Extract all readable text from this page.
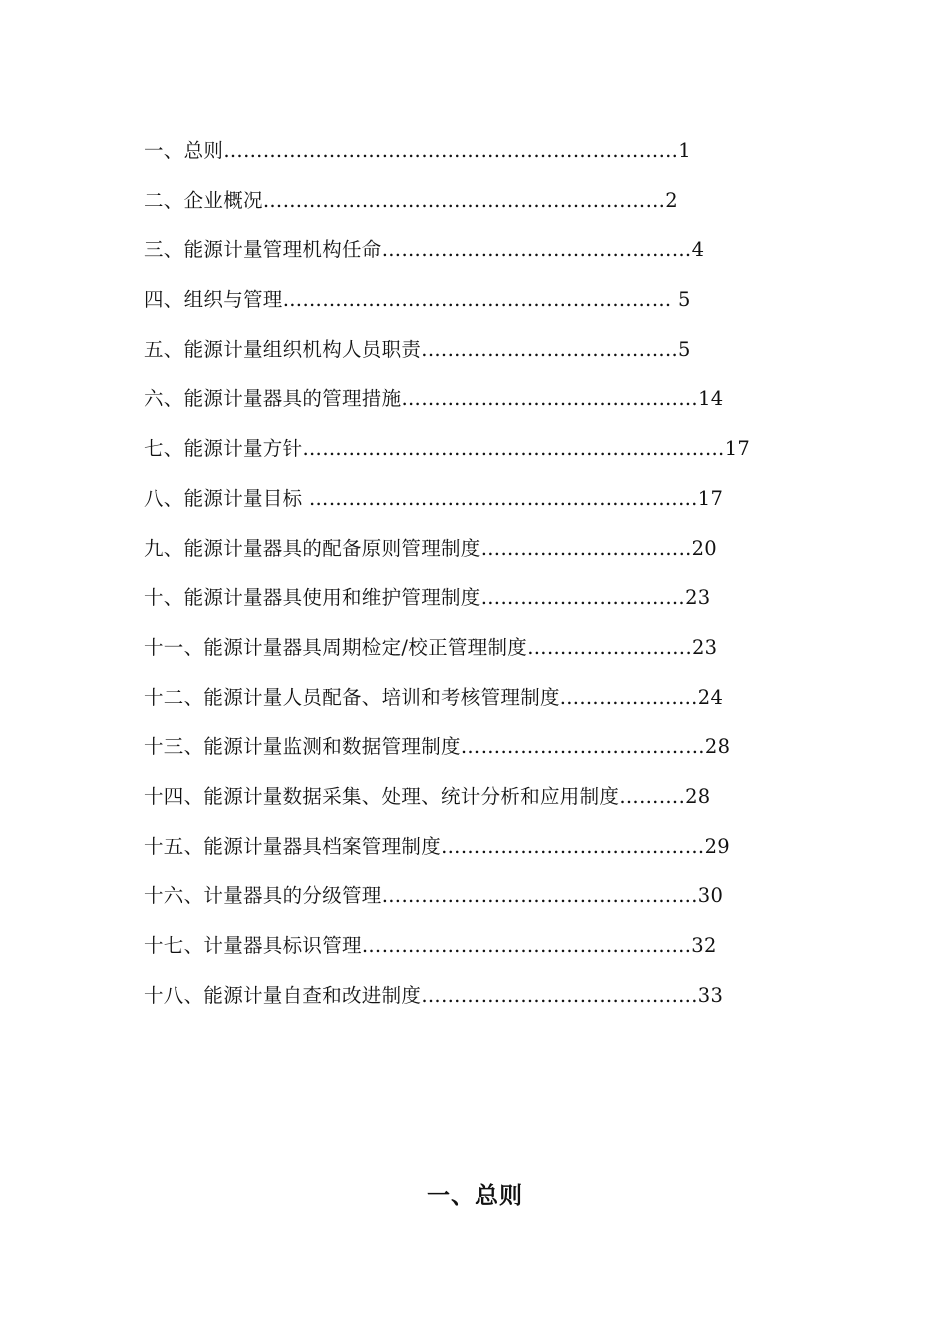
一、总则…………………………………..……………….………1
二、企业概况……………………………………………….……2
三、能源计量管理机构任命………………………….……….……4
四、组织与管理…………………………………..………...…… 5
五、能源计量组织机构人员职责.…………………..……….…..5
六、能源计量器具的管理措施…………………………..…….……14
七、能源计量方针……………………………………………….………17
八、能源计量目标 ………………………………..………..….……17
九、能源计量器具的配备原则管理制度…………………………..20
十、能源计量器具使用和维护管理制度……………………….…23
十一、能源计量器具周期检定/校正管理制度…………………….23
十二、能源计量人员配备、培训和考核管理制度...…………...…24
十三、能源计量监测和数据管理制度………………………….……28
十四、能源计量数据采集、处理、统计分析和应用制度……….28
十五、能源计量器具档案管理制度…………………………....……29
十六、计量器具的分级管理……………………………..…...…….30
十七、计量器具标识管理……………………………….…...…….32
十八、能源计量自查和改进制度…………………………….....….33
一、总则
